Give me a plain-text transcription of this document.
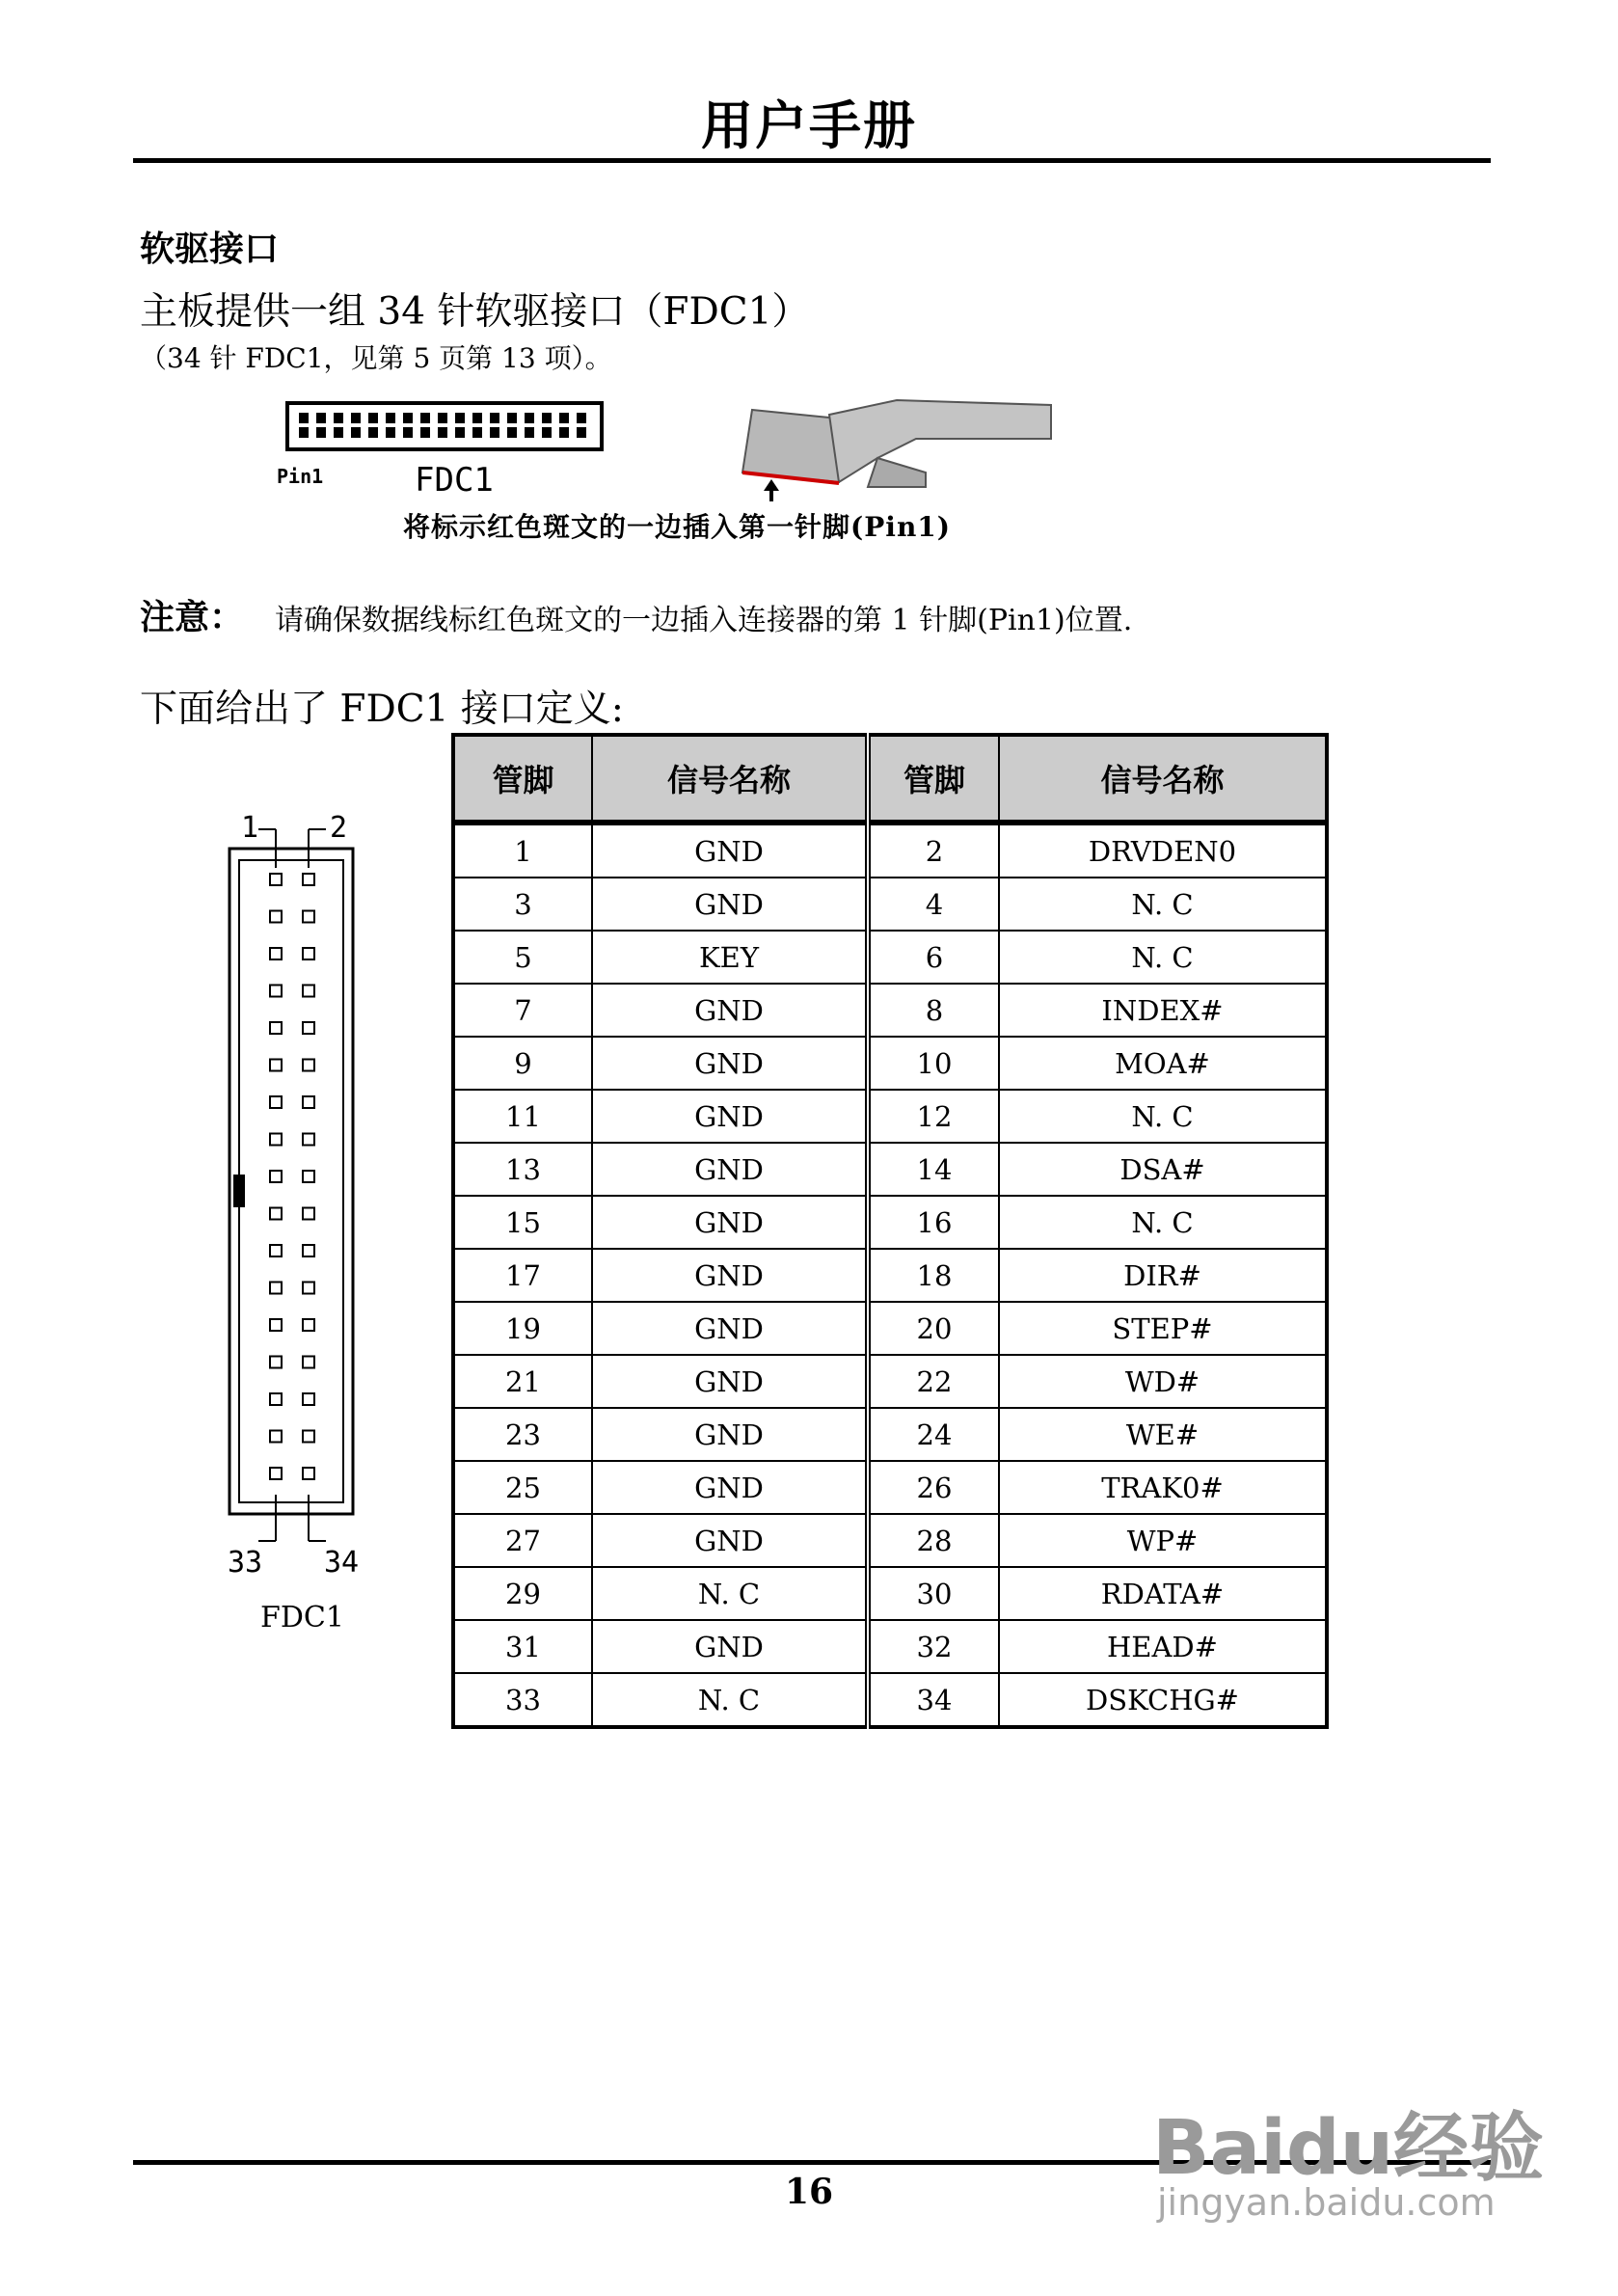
用户手册
软驱接口
主板提供一组 34 针软驱接口（FDC1）
（34 针 FDC1，见第 5 页第 13 项）。
Pin1	FDC1
将标示红色斑文的一边插入第一针脚(Pin1)
注意： 请确保数据线标红色斑文的一边插入连接器的第 1 针脚(Pin1)位置.
下面给出了 FDC1 接口定义:
1 2
33 34
FDC1
管脚	信号名称	管脚	信号名称
1	GND	2	DRVDEN0
3	GND	4	N. C
5	KEY	6	N. C
7	GND	8	INDEX#
9	GND	10	MOA#
11	GND	12	N. C
13	GND	14	DSA#
15	GND	16	N. C
17	GND	18	DIR#
19	GND	20	STEP#
21	GND	22	WD#
23	GND	24	WE#
25	GND	26	TRAK0#
27	GND	28	WP#
29	N. C	30	RDATA#
31	GND	32	HEAD#
33	N. C	34	DSKCHG#
16	Baidu经验
jingyan.baidu.com
